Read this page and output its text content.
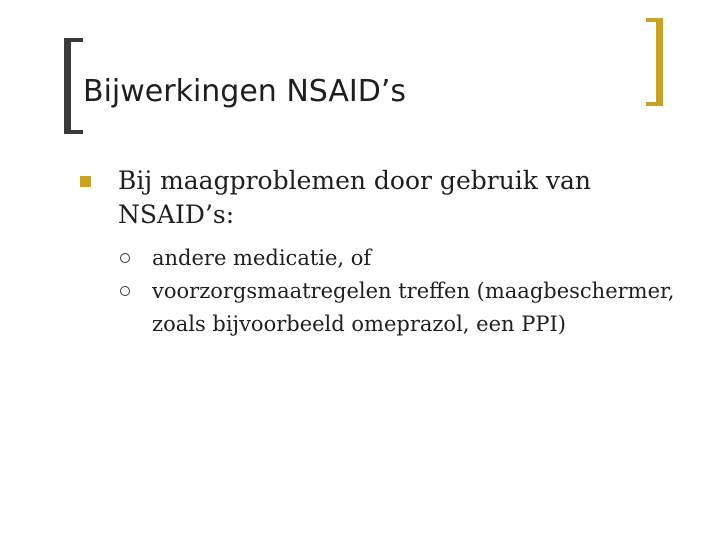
Bijwerkingen NSAID’s
Bij maagproblemen door gebruik van NSAID’s:
andere medicatie, of
voorzorgsmaatregelen treffen (maagbeschermer, zoals bijvoorbeeld omeprazol, een PPI)
